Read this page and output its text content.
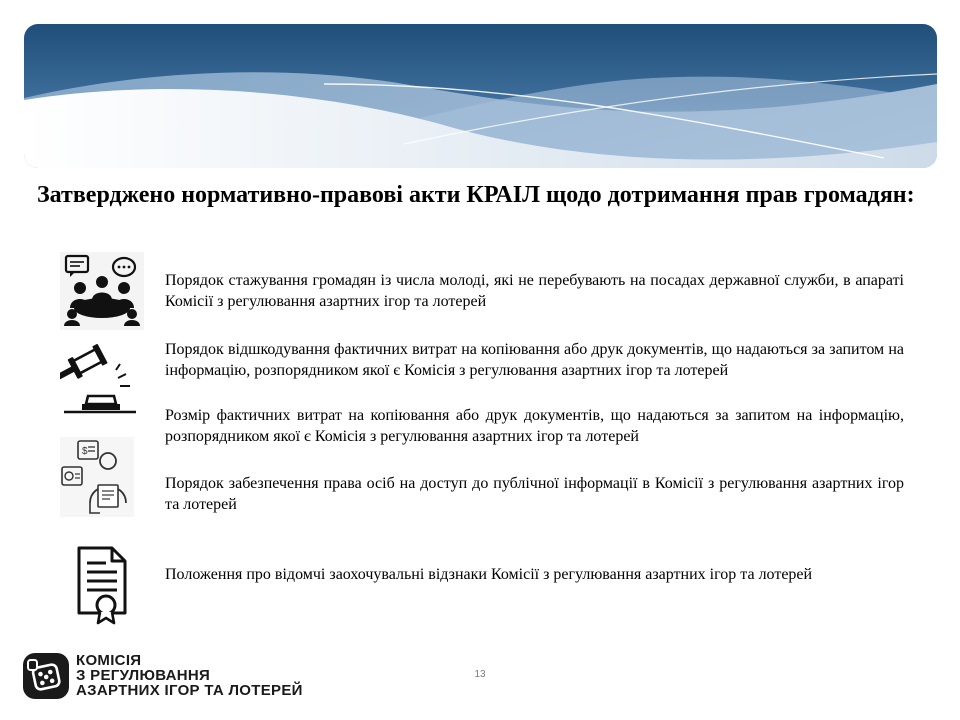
Затверджено нормативно-правові акти КРАІЛ щодо дотримання прав громадян:

Порядок стажування громадян із числа молоді, які не перебувають на посадах державної служби, в апараті Комісії з регулювання азартних ігор та лотерей

Порядок відшкодування фактичних витрат на копіювання або друк документів, що надаються за запитом на інформацію, розпорядником якої є Комісія з регулювання азартних ігор та лотерей

Розмір фактичних витрат на копіювання або друк документів, що надаються за запитом на інформацію, розпорядником якої є Комісія з регулювання азартних ігор та лотерей

$

Порядок забезпечення права осіб на доступ до публічної інформації в Комісії з регулювання азартних ігор та лотерей

Положення про відомчі заохочувальні відзнаки Комісії з регулювання азартних ігор та лотерей

13
КОМІСІЯ
З РЕГУЛЮВАННЯ
АЗАРТНИХ ІГОР ТА ЛОТЕРЕЙ
